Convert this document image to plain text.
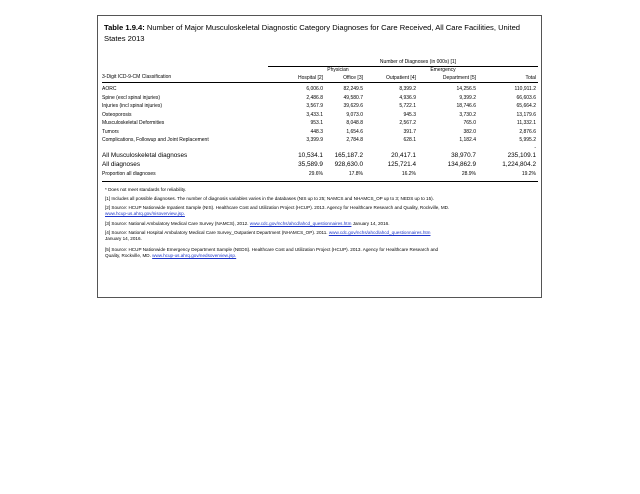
Table 1.9.4: Number of Major Musculoskeletal Diagnostic Category Diagnoses for Care Received, All Care Facilities, United States 2013
Number of Diagnoses (in 000s) [1]
Physician	Emergency
3-Digit ICD-9-CM Classification	Hospital [2]	Office [3]	Outpatient [4]	Department [5]	Total
AORC	6,006.0	82,249.5	8,399.2	14,256.5	110,911.2
Spine (excl spinal injuries)	2,486.8	49,580.7	4,936.9	9,399.2	66,603.6
Injuries (incl spinal injuries)	3,567.9	39,629.6	5,722.1	18,746.6	65,664.2
Osteoporosis	3,433.1	9,073.0	945.3	3,730.2	13,179.6
Musculoskeletal Deformities	953.1	8,048.8	2,567.2	765.0	11,332.1
Tumors	448.3	1,654.6	391.7	382.0	2,876.6
Complications, Followup and Joint Replacement	3,399.9	2,784.8	628.1	1,182.4	5,995.2
-
All Musculoskeletal diagnoses	10,534.1	165,187.2	20,417.1	38,970.7	235,109.1
All diagnoses	35,589.9	928,630.0	125,721.4	134,862.9	1,224,804.2
Proportion all diagnoses	29.6%	17.8%	16.2%	28.9%	19.2%
* Does not meet standards for reliability.
[1] Includes all possible diagnoses. The number of diagnosis variables varies in the databases (NIS up to 25; NAMCS and NHAMCS_OP up to 3; NEDS up to 15).
[2] Source: HCUP Nationwide Inpatient Sample (NIS). Healthcare Cost and Utilization Project (HCUP). 2013. Agency for Healthcare Research and Quality, Rockville, MD.
www.hcup-us.ahrq.gov/nisoverview.jsp.
[3] Source: National Ambulatory Medical Care Survey (NAMCS), 2012. www.cdc.gov/nchs/ahcd/ahcd_questionnaires.htm January 14, 2016.
[4] Source: National Hospital Ambulatory Medical Care Survey_Outpatient Department (NHAMCS_OP). 2011. www.cdc.gov/nchs/ahcd/ahcd_questionnaires.htm
January 14, 2016.
[5] Source: HCUP Nationwide Emergency Department Sample (NEDS). Healthcare Cost and Utilization Project (HCUP). 2013. Agency for Healthcare Research and
Quality, Rockville, MD. www.hcup-us.ahrq.gov/nedsoverview.jsp.
